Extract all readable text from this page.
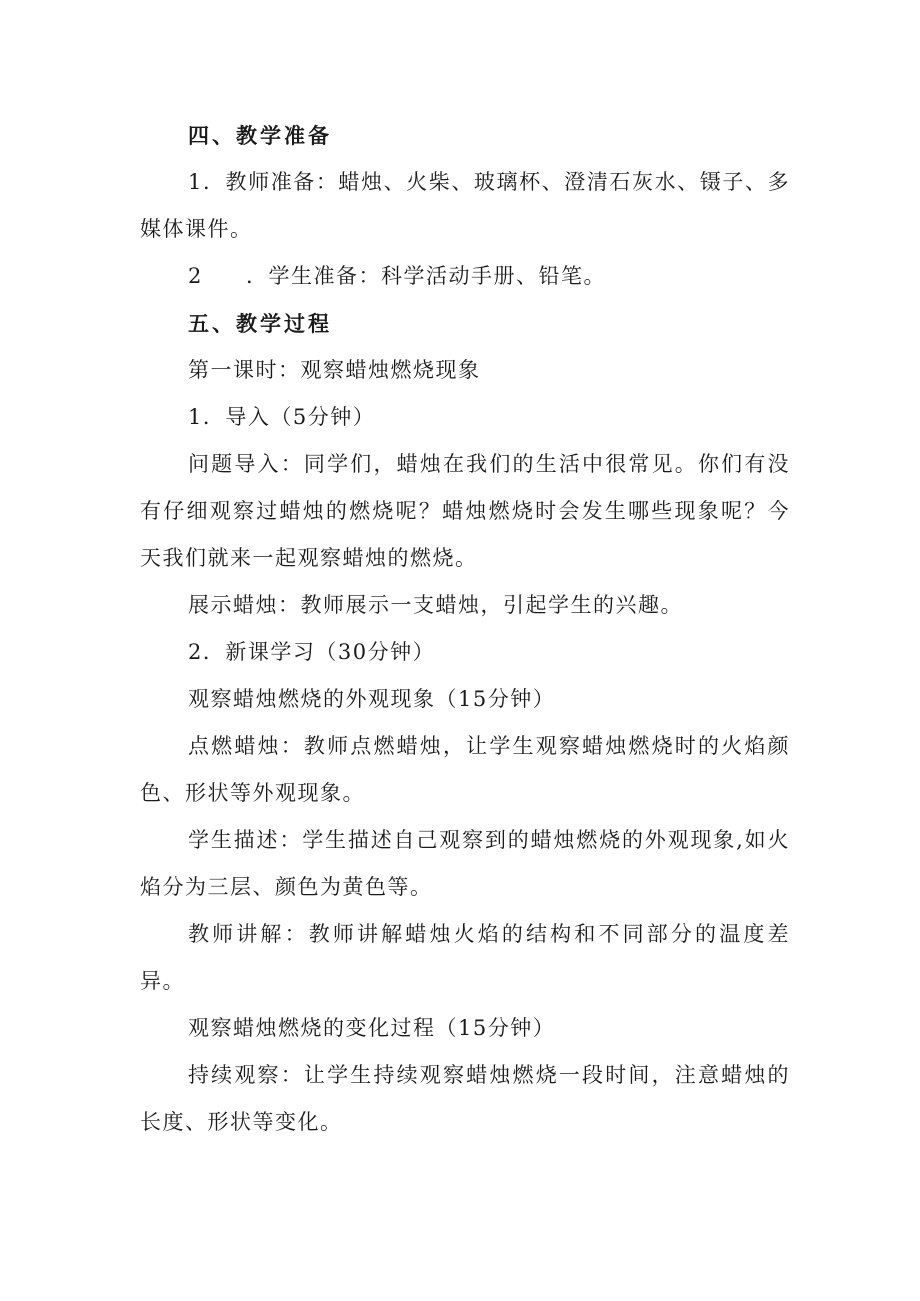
四、教学准备

1．教师准备：蜡烛、火柴、玻璃杯、澄清石灰水、镊子、多媒体课件。

2 ．学生准备：科学活动手册、铅笔。

五、教学过程

第一课时：观察蜡烛燃烧现象

1．导入（5分钟）

问题导入：同学们，蜡烛在我们的生活中很常见。你们有没有仔细观察过蜡烛的燃烧呢？蜡烛燃烧时会发生哪些现象呢？今天我们就来一起观察蜡烛的燃烧。

展示蜡烛：教师展示一支蜡烛，引起学生的兴趣。

2．新课学习（30分钟）

观察蜡烛燃烧的外观现象（15分钟）

点燃蜡烛：教师点燃蜡烛，让学生观察蜡烛燃烧时的火焰颜色、形状等外观现象。

学生描述：学生描述自己观察到的蜡烛燃烧的外观现象,如火焰分为三层、颜色为黄色等。

教师讲解：教师讲解蜡烛火焰的结构和不同部分的温度差异。

观察蜡烛燃烧的变化过程（15分钟）

持续观察：让学生持续观察蜡烛燃烧一段时间，注意蜡烛的长度、形状等变化。
